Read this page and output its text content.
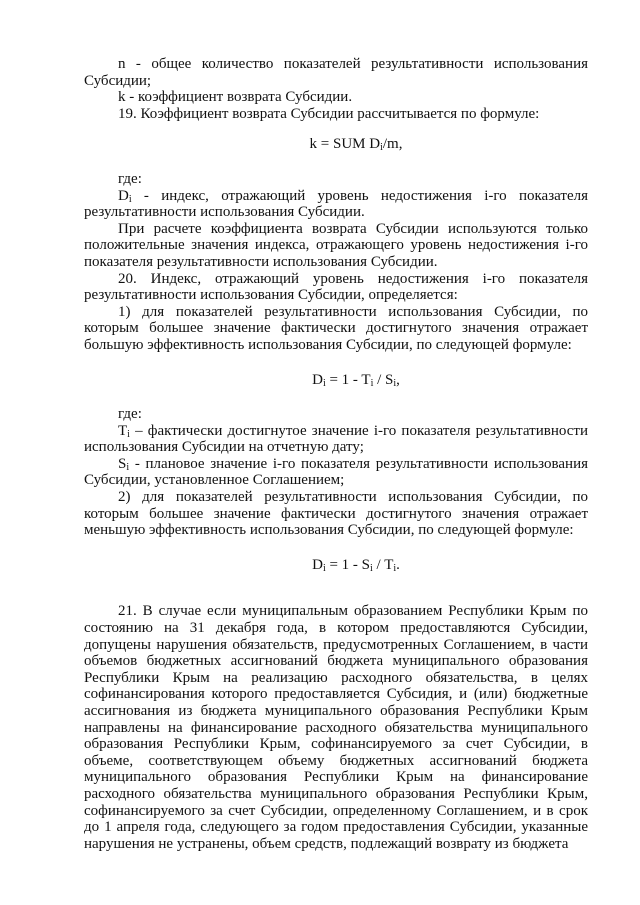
n - общее количество показателей результативности использования Субсидии;

k - коэффициент возврата Субсидии.

19. Коэффициент возврата Субсидии рассчитывается по формуле:

k = SUM $D_i/m$,

где:

$D_i$ - индекс, отражающий уровень недостижения i-го показателя результативности использования Субсидии.

При расчете коэффициента возврата Субсидии используются только положительные значения индекса, отражающего уровень недостижения i-го показателя результативности использования Субсидии.

20. Индекс, отражающий уровень недостижения i-го показателя результативности использования Субсидии, определяется:

1) для показателей результативности использования Субсидии, по которым большее значение фактически достигнутого значения отражает большую эффективность использования Субсидии, по следующей формуле:

$D_i = 1 - T_i / S_i$,

где:

$T_i$ – фактически достигнутое значение i-го показателя результативности использования Субсидии на отчетную дату;

$S_i$ - плановое значение i-го показателя результативности использования Субсидии, установленное Соглашением;

2) для показателей результативности использования Субсидии, по которым большее значение фактически достигнутого значения отражает меньшую эффективность использования Субсидии, по следующей формуле:

$D_i = 1 - S_i / T_i$.

21. В случае если муниципальным образованием Республики Крым по состоянию на 31 декабря года, в котором предоставляются Субсидии, допущены нарушения обязательств, предусмотренных Соглашением, в части объемов бюджетных ассигнований бюджета муниципального образования Республики Крым на реализацию расходного обязательства, в целях софинансирования которого предоставляется Субсидия, и (или) бюджетные ассигнования из бюджета муниципального образования Республики Крым направлены на финансирование расходного обязательства муниципального образования Республики Крым, софинансируемого за счет Субсидии, в объеме, соответствующем объему бюджетных ассигнований бюджета муниципального образования Республики Крым на финансирование расходного обязательства муниципального образования Республики Крым, софинансируемого за счет Субсидии, определенному Соглашением, и в срок до 1 апреля года, следующего за годом предоставления Субсидии, указанные нарушения не устранены, объем средств, подлежащий возврату из бюджета
